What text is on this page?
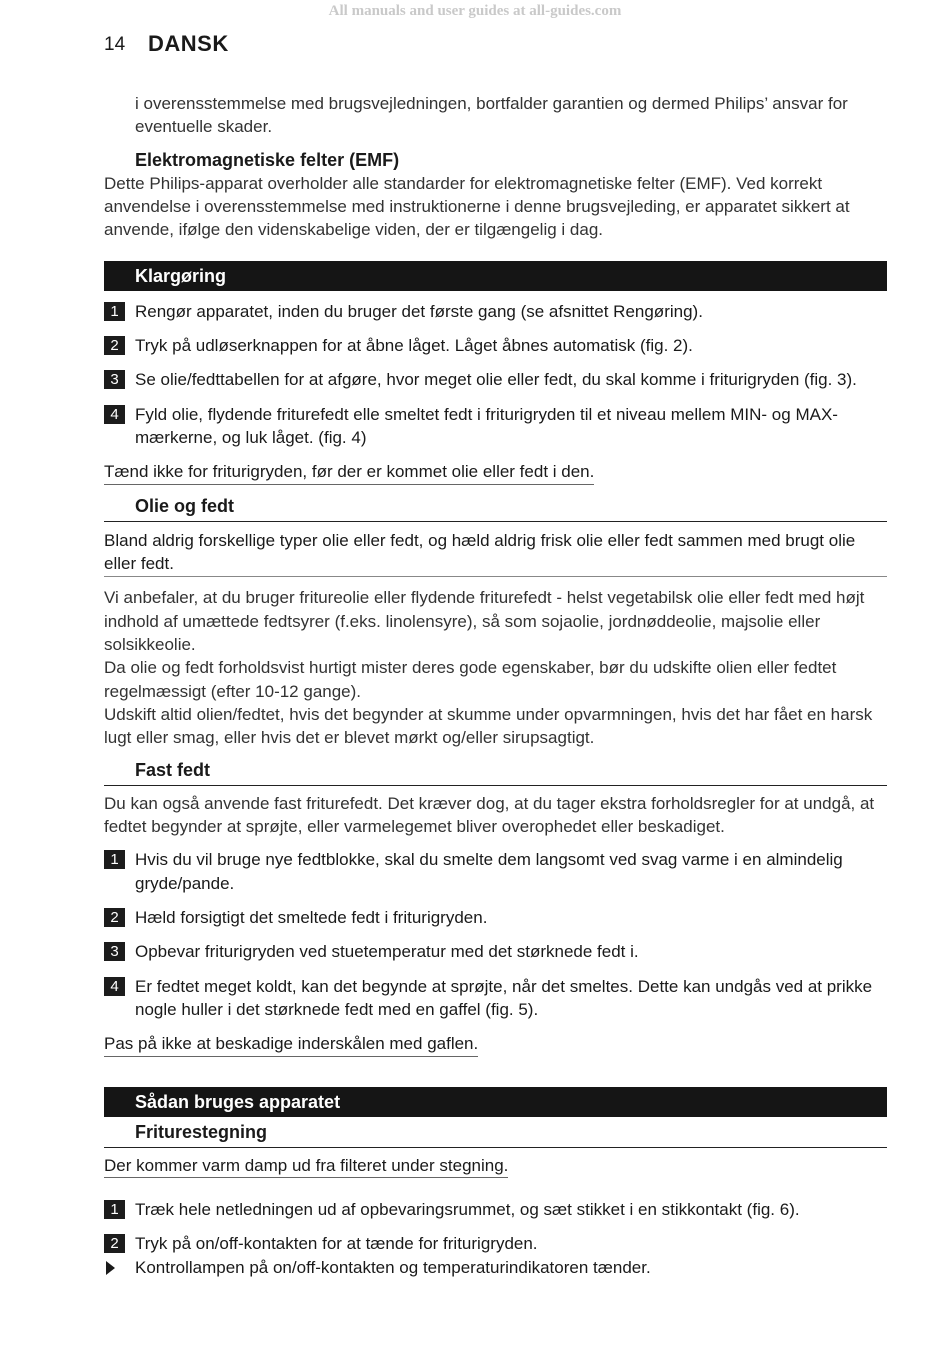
All manuals and user guides at all-guides.com
14 DANSK

i overensstemmelse med brugsvejledningen, bortfalder garantien og dermed Philips’ ansvar for eventuelle skader.

Elektromagnetiske felter (EMF)

Dette Philips-apparat overholder alle standarder for elektromagnetiske felter (EMF). Ved korrekt anvendelse i overensstemmelse med instruktionerne i denne brugsvejleding, er apparatet sikkert at anvende, ifølge den videnskabelige viden, der er tilgængelig i dag.

Klargøring
1 Rengør apparatet, inden du bruger det første gang (se afsnittet Rengøring).
2 Tryk på udløserknappen for at åbne låget. Låget åbnes automatisk (fig. 2).
3 Se olie/fedttabellen for at afgøre, hvor meget olie eller fedt, du skal komme i friturigryden (fig. 3).
4 Fyld olie, flydende friturefedt elle smeltet fedt i friturigryden til et niveau mellem MIN- og MAX-mærkerne, og luk låget. (fig. 4)
Tænd ikke for friturigryden, før der er kommet olie eller fedt i den.
Olie og fedt
Bland aldrig forskellige typer olie eller fedt, og hæld aldrig frisk olie eller fedt sammen med brugt olie eller fedt.

Vi anbefaler, at du bruger fritureolie eller flydende friturefedt - helst vegetabilsk olie eller fedt med højt indhold af umættede fedtsyrer (f.eks. linolensyre), så som sojaolie, jordnøddeolie, majsolie eller solsikkeolie.

Da olie og fedt forholdsvist hurtigt mister deres gode egenskaber, bør du udskifte olien eller fedtet regelmæssigt (efter 10-12 gange).

Udskift altid olien/fedtet, hvis det begynder at skumme under opvarmningen, hvis det har fået en harsk lugt eller smag, eller hvis det er blevet mørkt og/eller sirupsagtigt.

Fast fedt

Du kan også anvende fast friturefedt. Det kræver dog, at du tager ekstra forholdsregler for at undgå, at fedtet begynder at sprøjte, eller varmelegemet bliver overophedet eller beskadiget.

1 Hvis du vil bruge nye fedtblokke, skal du smelte dem langsomt ved svag varme i en almindelig gryde/pande.
2 Hæld forsigtigt det smeltede fedt i friturigryden.
3 Opbevar friturigryden ved stuetemperatur med det størknede fedt i.
4 Er fedtet meget koldt, kan det begynde at sprøjte, når det smeltes. Dette kan undgås ved at prikke nogle huller i det størknede fedt med en gaffel (fig. 5).
Pas på ikke at beskadige inderskålen med gaflen.
Sådan bruges apparatet
Friturestegning
Der kommer varm damp ud fra filteret under stegning.
1 Træk hele netledningen ud af opbevaringsrummet, og sæt stikket i en stikkontakt (fig. 6).
2 Tryk på on/off-kontakten for at tænde for friturigryden.
Kontrollampen på on/off-kontakten og temperaturindikatoren tænder.
